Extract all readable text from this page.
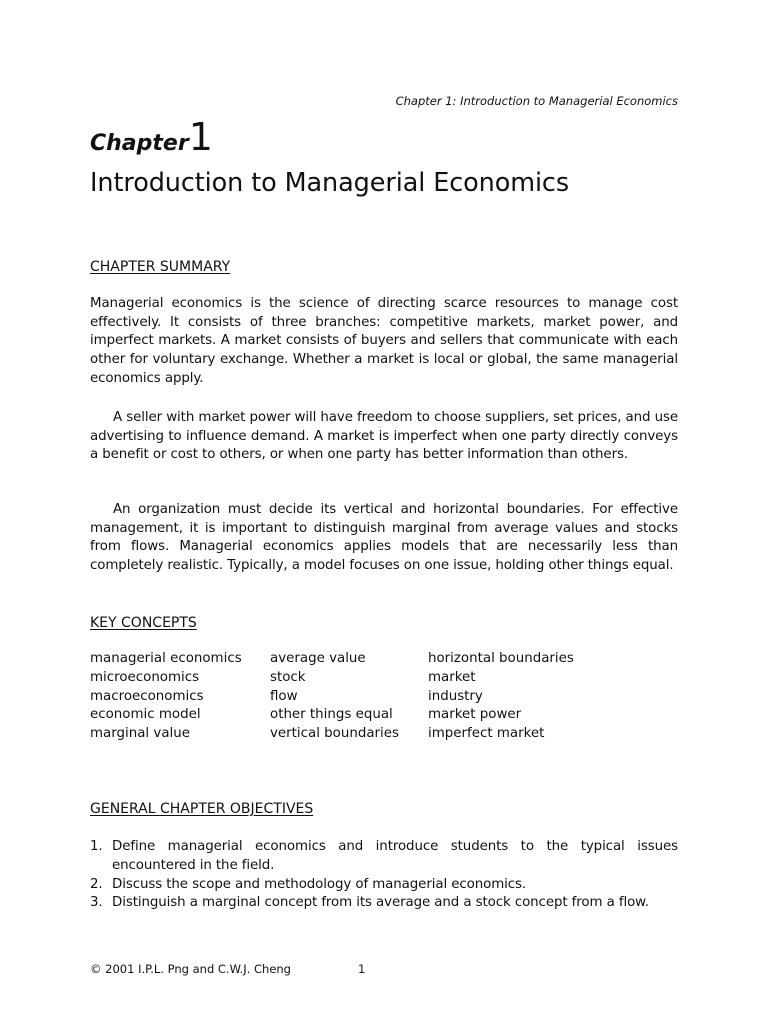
Chapter 1: Introduction to Managerial Economics
Chapter 1
Introduction to Managerial Economics
CHAPTER SUMMARY

Managerial economics is the science of directing scarce resources to manage cost effectively. It consists of three branches: competitive markets, market power, and imperfect markets. A market consists of buyers and sellers that communicate with each other for voluntary exchange. Whether a market is local or global, the same managerial economics apply.

A seller with market power will have freedom to choose suppliers, set prices, and use advertising to influence demand. A market is imperfect when one party directly conveys a benefit or cost to others, or when one party has better information than others.

An organization must decide its vertical and horizontal boundaries. For effective management, it is important to distinguish marginal from average values and stocks from flows. Managerial economics applies models that are necessarily less than completely realistic. Typically, a model focuses on one issue, holding other things equal.

KEY CONCEPTS
managerial economics
microeconomics
macroeconomics
economic model
marginal value
average value
stock
flow
other things equal
vertical boundaries
horizontal boundaries
market
industry
market power
imperfect market
GENERAL CHAPTER OBJECTIVES
1. Define managerial economics and introduce students to the typical issues encountered in the field.
2. Discuss the scope and methodology of managerial economics.
3. Distinguish a marginal concept from its average and a stock concept from a flow.
© 2001 I.P.L. Png and C.W.J. Cheng	1
